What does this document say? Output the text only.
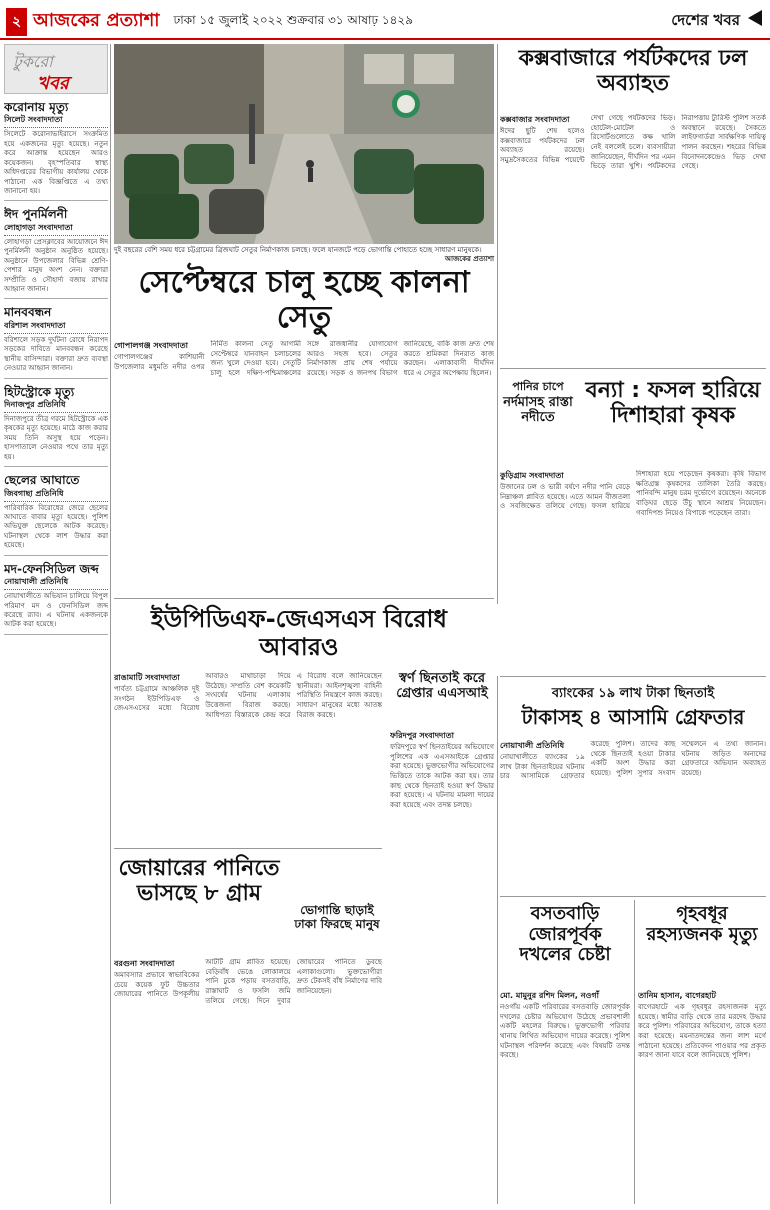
২ আজকের প্রত্যাশা ঢাকা ১৫ জুলাই ২০২২ শুক্রবার ৩১ আষাঢ় ১৪২৯	দেশের খবর
টুকরো
খবর
করোনায় মৃত্যু
সিলেট সংবাদদাতা

সিলেটে করোনাভাইরাসে সংক্রমিত হয়ে একজনের মৃত্যু হয়েছে। নতুন করে আক্রান্ত হয়েছেন আরও কয়েকজন। বৃহস্পতিবার স্বাস্থ্য অধিদপ্তরের বিভাগীয় কার্যালয় থেকে পাঠানো এক বিজ্ঞপ্তিতে এ তথ্য জানানো হয়।

ঈদ পুনর্মিলনী
লোহাগড়া সংবাদদাতা

লোহাগড়া প্রেসক্লাবের আয়োজনে ঈদ পুনর্মিলনী অনুষ্ঠান অনুষ্ঠিত হয়েছে। অনুষ্ঠানে উপজেলার বিভিন্ন শ্রেণি-পেশার মানুষ অংশ নেন। বক্তারা সম্প্রীতি ও সৌহার্দ্য বজায় রাখার আহ্বান জানান।

মানববন্ধন
বরিশাল সংবাদদাতা

বরিশালে সড়ক দুর্ঘটনা রোধে নিরাপদ সড়কের দাবিতে মানববন্ধন করেছে স্থানীয় বাসিন্দারা। বক্তারা দ্রুত ব্যবস্থা নেওয়ার আহ্বান জানান।

হিটস্ট্রোকে মৃত্যু
দিনাজপুর প্রতিনিধি

দিনাজপুরে তীব্র গরমে হিটস্ট্রোকে এক কৃষকের মৃত্যু হয়েছে। মাঠে কাজ করার সময় তিনি অসুস্থ হয়ে পড়েন। হাসপাতালে নেওয়ার পথে তার মৃত্যু হয়।

ছেলের আঘাতে
জিবগাছা প্রতিনিধি

পারিবারিক বিরোধের জেরে ছেলের আঘাতে বাবার মৃত্যু হয়েছে। পুলিশ অভিযুক্ত ছেলেকে আটক করেছে। ঘটনাস্থল থেকে লাশ উদ্ধার করা হয়েছে।

মদ-ফেনসিডিল জব্দ
নোয়াখালী প্রতিনিধি

নোয়াখালীতে অভিযান চালিয়ে বিপুল পরিমাণ মদ ও ফেনসিডিল জব্দ করেছে র‍্যাব। এ ঘটনায় একজনকে আটক করা হয়েছে।

দুই বছরের বেশি সময় ধরে চট্টগ্রামের ব্রিজঘাট সেতুর নির্মাণকাজ চলছে। ফলে যানজটে পড়ে ভোগান্তি পোহাতে হচ্ছে সাধারণ মানুষকে।
আজকের প্রত্যাশা
কক্সবাজারে পর্যটকদের ঢল অব্যাহত
কক্সবাজার সংবাদদাতা
ঈদের ছুটি শেষ হলেও কক্সবাজারে পর্যটকদের ঢল অব্যাহত রয়েছে। সমুদ্রসৈকতের বিভিন্ন পয়েন্টে দেখা গেছে পর্যটকদের ভিড়। হোটেল-মোটেল ও রিসোর্টগুলোতে কক্ষ খালি নেই বললেই চলে। ব্যবসায়ীরা জানিয়েছেন, দীর্ঘদিন পর এমন ভিড়ে তারা খুশি। পর্যটকদের নিরাপত্তায় ট্যুরিস্ট পুলিশ সতর্ক অবস্থানে রয়েছে। সৈকতে লাইফগার্ডরা সার্বক্ষণিক দায়িত্ব পালন করছেন। শহরের বিভিন্ন বিনোদনকেন্দ্রেও ভিড় দেখা গেছে।
সেপ্টেম্বরে চালু হচ্ছে কালনা সেতু
গোপালগঞ্জ সংবাদদাতা
গোপালগঞ্জের কাশিয়ানী উপজেলার মধুমতি নদীর ওপর নির্মিত কালনা সেতু আগামী সেপ্টেম্বরে যানবাহন চলাচলের জন্য খুলে দেওয়া হবে। সেতুটি চালু হলে দক্ষিণ-পশ্চিমাঞ্চলের সঙ্গে রাজধানীর যোগাযোগ আরও সহজ হবে। সেতুর নির্মাণকাজ প্রায় শেষ পর্যায়ে রয়েছে। সড়ক ও জনপথ বিভাগ জানিয়েছে, বাকি কাজ দ্রুত শেষ করতে শ্রমিকরা দিনরাত কাজ করছেন। এলাকাবাসী দীর্ঘদিন ধরে এ সেতুর অপেক্ষায় ছিলেন।
বন্যা : ফসল হারিয়ে দিশাহারা কৃষক
কুড়িগ্রাম সংবাদদাতা
উজানের ঢল ও ভারী বর্ষণে নদীর পানি বেড়ে নিম্নাঞ্চল প্লাবিত হয়েছে। এতে আমন বীজতলা ও সবজিক্ষেত তলিয়ে গেছে। ফসল হারিয়ে দিশাহারা হয়ে পড়েছেন কৃষকরা। কৃষি বিভাগ ক্ষতিগ্রস্ত কৃষকদের তালিকা তৈরি করছে। পানিবন্দি মানুষ চরম দুর্ভোগে রয়েছেন। অনেকে বাড়িঘর ছেড়ে উঁচু স্থানে আশ্রয় নিয়েছেন। গবাদিপশু নিয়েও বিপাকে পড়েছেন তারা।
পানির চাপে
নর্দমাসহ রাস্তা নদীতে
ইউপিডিএফ-জেএসএস বিরোধ আবারও
রাঙামাটি সংবাদদাতা
পার্বত্য চট্টগ্রামে আঞ্চলিক দুই সংগঠন ইউপিডিএফ ও জেএসএসের মধ্যে বিরোধ আবারও মাথাচাড়া দিয়ে উঠেছে। সম্প্রতি বেশ কয়েকটি সংঘর্ষের ঘটনায় এলাকায় উত্তেজনা বিরাজ করছে। আধিপত্য বিস্তারকে কেন্দ্র করে এ বিরোধ বলে জানিয়েছেন স্থানীয়রা। আইনশৃঙ্খলা বাহিনী পরিস্থিতি নিয়ন্ত্রণে কাজ করছে। সাধারণ মানুষের মধ্যে আতঙ্ক বিরাজ করছে।
স্বর্ণ ছিনতাই করে গ্রেপ্তার এএসআই
ফরিদপুর সংবাদদাতা
ফরিদপুরে স্বর্ণ ছিনতাইয়ের অভিযোগে পুলিশের এক এএসআইকে গ্রেপ্তার করা হয়েছে। ভুক্তভোগীর অভিযোগের ভিত্তিতে তাকে আটক করা হয়। তার কাছ থেকে ছিনতাই হওয়া স্বর্ণ উদ্ধার করা হয়েছে। এ ঘটনায় মামলা দায়ের করা হয়েছে এবং তদন্ত চলছে।
ব্যাংকের ১৯ লাখ টাকা ছিনতাই
টাকাসহ ৪ আসামি গ্রেফতার
নোয়াখালী প্রতিনিধি
নোয়াখালীতে ব্যাংকের ১৯ লাখ টাকা ছিনতাইয়ের ঘটনায় চার আসামিকে গ্রেফতার করেছে পুলিশ। তাদের কাছ থেকে ছিনতাই হওয়া টাকার একটি অংশ উদ্ধার করা হয়েছে। পুলিশ সুপার সংবাদ সম্মেলনে এ তথ্য জানান। ঘটনায় জড়িত অন্যদের গ্রেফতারে অভিযান অব্যাহত রয়েছে।
জোয়ারের পানিতে ভাসছে ৮ গ্রাম
বরগুনা সংবাদদাতা
অমাবস্যার প্রভাবে স্বাভাবিকের চেয়ে কয়েক ফুট উচ্চতার জোয়ারের পানিতে উপকূলীয় আটটি গ্রাম প্লাবিত হয়েছে। বেড়িবাঁধ ভেঙে লোকালয়ে পানি ঢুকে পড়ায় বসতবাড়ি, রাস্তাঘাট ও ফসলি জমি তলিয়ে গেছে। দিনে দুবার জোয়ারের পানিতে ডুবছে এলাকাগুলো। ভুক্তভোগীরা দ্রুত টেকসই বাঁধ নির্মাণের দাবি জানিয়েছেন।
ভোগান্তি ছাড়াই ঢাকা ফিরছে মানুষ	বসতবাড়ি জোরপূর্বক দখলের চেষ্টা
মো. মামুনুর রশিদ মিলন, নওগাঁ
নওগাঁয় একটি পরিবারের বসতবাড়ি জোরপূর্বক দখলের চেষ্টার অভিযোগ উঠেছে প্রভাবশালী একটি মহলের বিরুদ্ধে। ভুক্তভোগী পরিবার থানায় লিখিত অভিযোগ দায়ের করেছে। পুলিশ ঘটনাস্থল পরিদর্শন করেছে এবং বিষয়টি তদন্ত করছে।
গৃহবধূর রহস্যজনক মৃত্যু
তানিম হাসান, বাগেরহাট
বাগেরহাটে এক গৃহবধূর রহস্যজনক মৃত্যু হয়েছে। স্বামীর বাড়ি থেকে তার মরদেহ উদ্ধার করে পুলিশ। পরিবারের অভিযোগ, তাকে হত্যা করা হয়েছে। ময়নাতদন্তের জন্য লাশ মর্গে পাঠানো হয়েছে। প্রতিবেদন পাওয়ার পর প্রকৃত কারণ জানা যাবে বলে জানিয়েছে পুলিশ।
